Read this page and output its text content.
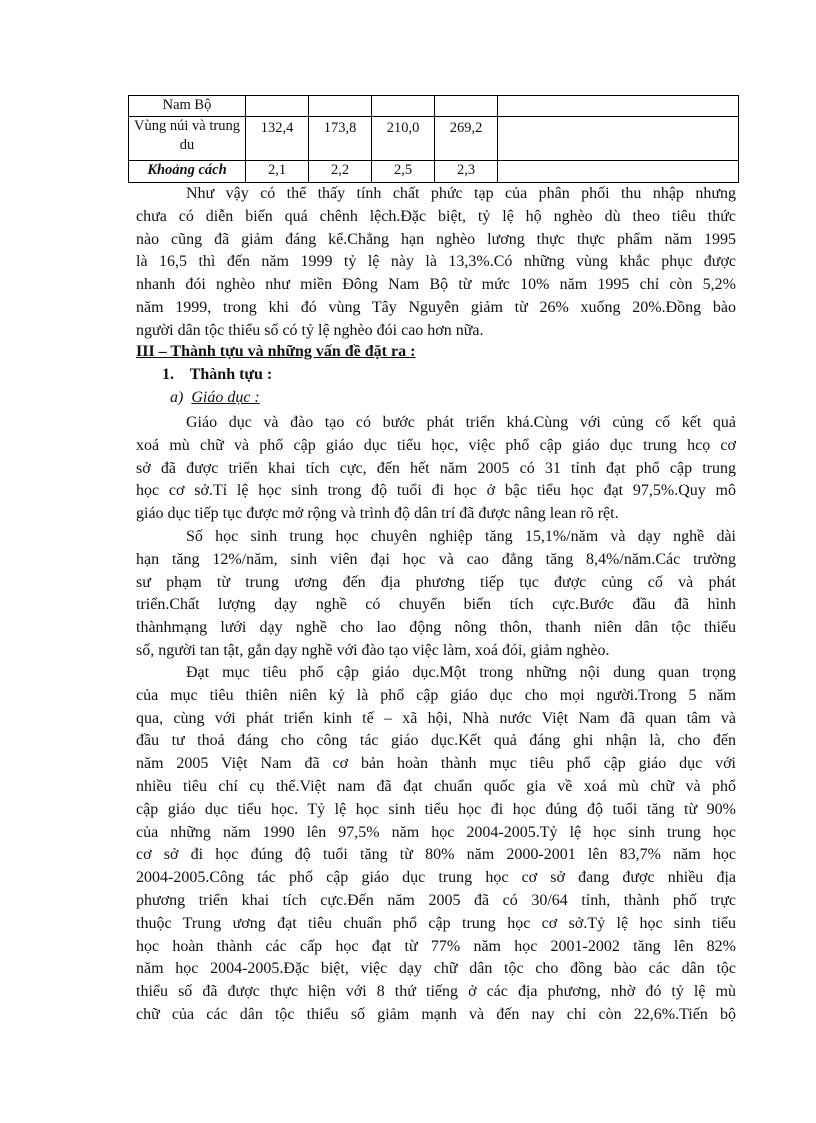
Nam Bộ					
Vùng núi và trung du	132,4	173,8	210,0	269,2	
Khoảng cách	2,1	2,2	2,5	2,3	
Như vậy có thể thấy tính chất phức tạp của phân phối thu nhập nhưng
chưa có diễn biến quá chênh lệch.Đặc biệt, tỷ lệ hộ nghèo dù theo tiêu thức
nào cũng đã giảm đáng kể.Chẳng hạn nghèo lương thực thực phẩm năm 1995
là 16,5 thì đến năm 1999 tỷ lệ này là 13,3%.Có những vùng khắc phục được
nhanh đói nghèo như miền Đông Nam Bộ từ mức 10% năm 1995 chỉ còn 5,2%
năm 1999, trong khi đó vùng Tây Nguyên giảm từ 26% xuống 20%.Đồng bào
người dân tộc thiểu số có tỷ lệ nghèo đói cao hơn nữa.

III – Thành tựu và những vấn đề đặt ra :

1. Thành tựu :

a) Giáo dục :

Giáo dục và đào tạo có bước phát triển khá.Cùng với củng cố kết quả
xoá mù chữ và phổ cập giáo dục tiểu học, việc phổ cập giáo dục trung hcọ cơ
sở đã được triển khai tích cực, đến hết năm 2005 có 31 tỉnh đạt phổ cập trung
học cơ sở.Tỉ lệ học sinh trong độ tuổi đi học ở bậc tiểu học đạt 97,5%.Quy mô
giáo dục tiếp tục được mở rộng và trình độ dân trí đã được nâng lean rõ rệt.
Số học sinh trung học chuyên nghiệp tăng 15,1%/năm và dạy nghề dài
hạn tăng 12%/năm, sinh viên đại học và cao đẳng tăng 8,4%/năm.Các trường
sư phạm từ trung ương đến địa phương tiếp tục được củng cố và phát
triển.Chất lượng dạy nghề có chuyển biến tích cực.Bước đầu đã hình
thànhmạng lưới dạy nghề cho lao động nông thôn, thanh niên dân tộc thiểu
số, người tan tật, gắn dạy nghề với đào tạo việc làm, xoá đói, giảm nghèo.
Đạt mục tiêu phổ cập giáo dục.Một trong những nội dung quan trọng
của mục tiêu thiên niên kỷ là phổ cập giáo dục cho mọi người.Trong 5 năm
qua, cùng với phát triển kinh tế – xã hội, Nhà nước Việt Nam đã quan tâm và
đầu tư thoả đáng cho công tác giáo dục.Kết quả đáng ghi nhận là, cho đến
năm 2005 Việt Nam đã cơ bản hoàn thành mục tiêu phổ cập giáo dục với
nhiều tiêu chí cụ thể.Việt nam đã đạt chuẩn quốc gia về xoá mù chữ và phổ
cập giáo dục tiểu học. Tỷ lệ học sinh tiểu học đi học đúng độ tuổi tăng từ 90%
của những năm 1990 lên 97,5% năm học 2004-2005.Tỷ lệ học sinh trung học
cơ sở đi học đúng độ tuổi tăng từ 80% năm 2000-2001 lên 83,7% năm học
2004-2005.Công tác phổ cập giáo dục trung học cơ sở đang được nhiều địa
phương triển khai tích cực.Đến năm 2005 đã có 30/64 tỉnh, thành phố trực
thuộc Trung ương đạt tiêu chuẩn phổ cập trung học cơ sở.Tỷ lệ học sinh tiểu
học hoàn thành các cấp học đạt từ 77% năm học 2001-2002 tăng lên 82%
năm học 2004-2005.Đặc biệt, việc dạy chữ dân tộc cho đồng bào các dân tộc
thiểu số đã được thực hiện với 8 thứ tiếng ở các địa phương, nhờ đó tỷ lệ mù
chữ của các dân tộc thiểu số giảm mạnh và đến nay chỉ còn 22,6%.Tiến bộ
